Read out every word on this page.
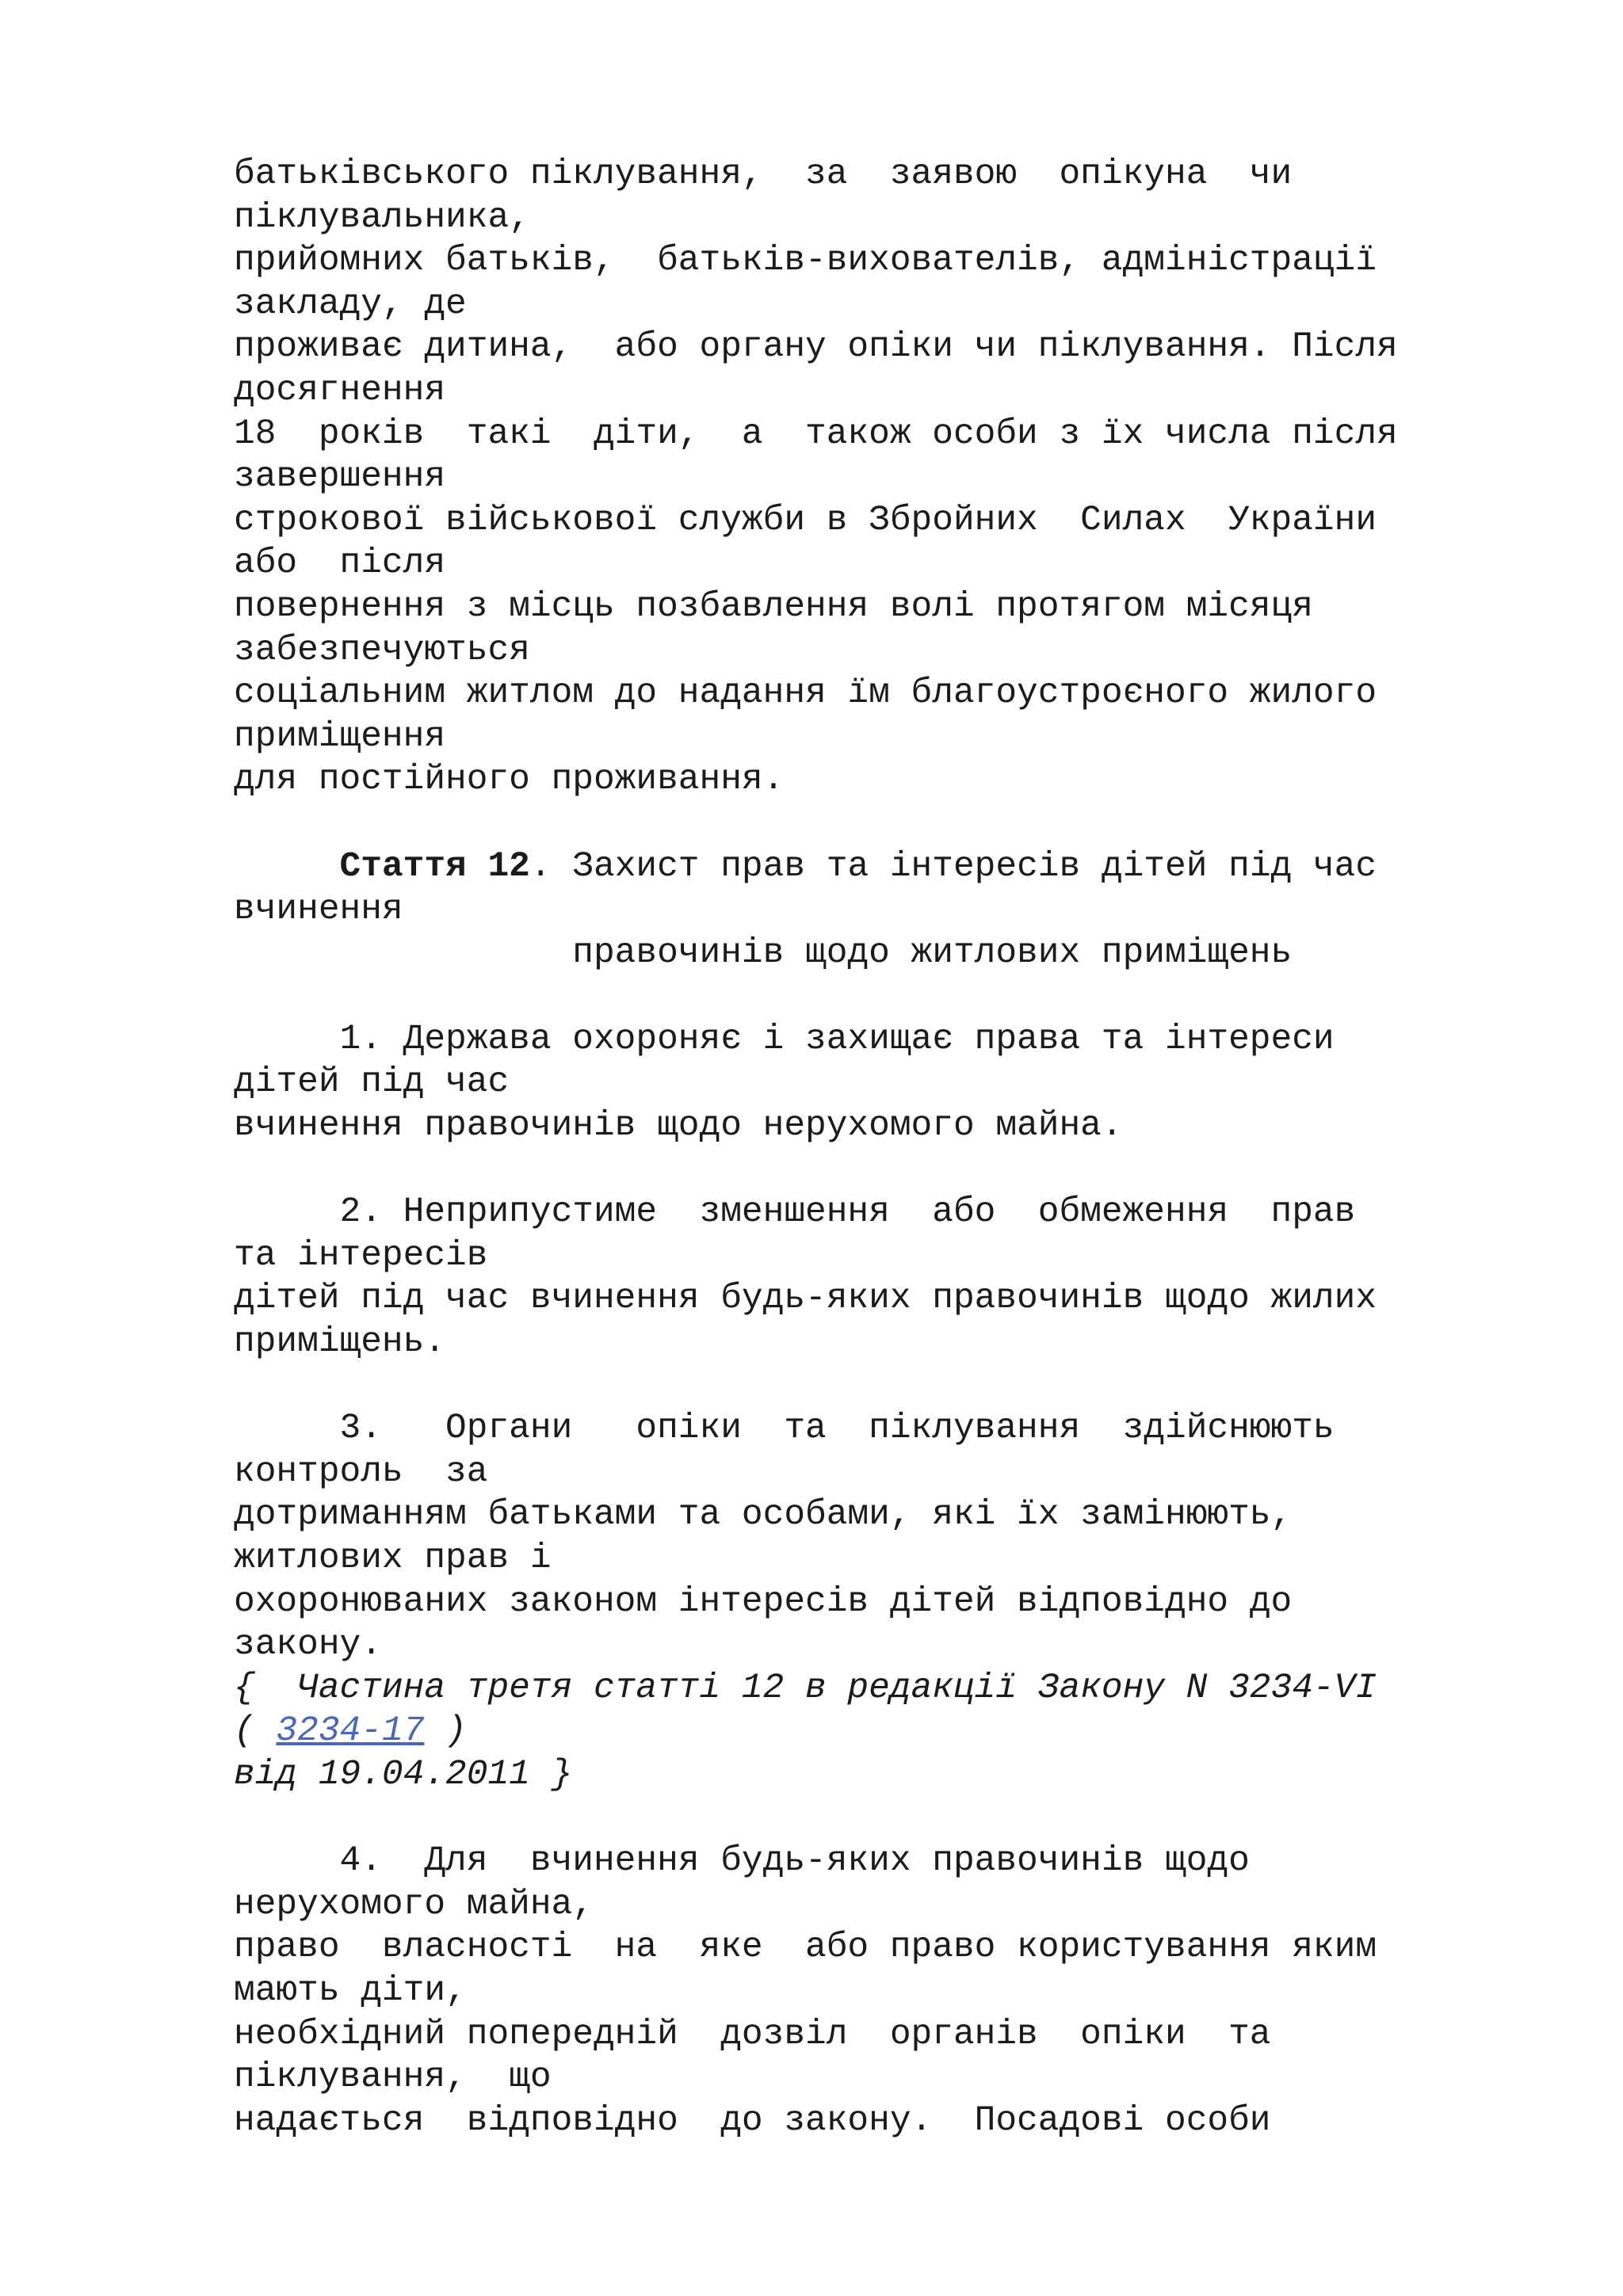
батьківського піклування,  за  заявою  опікуна  чи
піклувальника,
прийомних батьків,  батьків-вихователів, адміністрації
закладу, де
проживає дитина,  або органу опіки чи піклування. Після
досягнення
18  років  такі  діти,  а  також особи з їх числа після
завершення
строкової військової служби в Збройних  Силах  України
або  після
повернення з місць позбавлення волі протягом місяця
забезпечуються
соціальним житлом до надання їм благоустроєного жилого
приміщення
для постійного проживання.
Стаття 12. Захист прав та інтересів дітей під час
вчинення
правочинів щодо житлових приміщень
1. Держава охороняє і захищає права та інтереси
дітей під час
вчинення правочинів щодо нерухомого майна.
2. Неприпустиме  зменшення  або  обмеження  прав
та інтересів
дітей під час вчинення будь-яких правочинів щодо жилих
приміщень.
3.   Органи   опіки  та  піклування  здійснюють
контроль  за
дотриманням батьками та особами, які їх замінюють,
житлових прав і
охоронюваних законом інтересів дітей відповідно до
закону.
{  Частина третя статті 12 в редакції Закону N 3234-VI
( 3234-17 )
від 19.04.2011 }
4.  Для  вчинення будь-яких правочинів щодо
нерухомого майна,
право  власності  на  яке  або право користування яким
мають діти,
необхідний попередній  дозвіл  органів  опіки  та
піклування,  що
надається  відповідно  до закону.  Посадові особи
